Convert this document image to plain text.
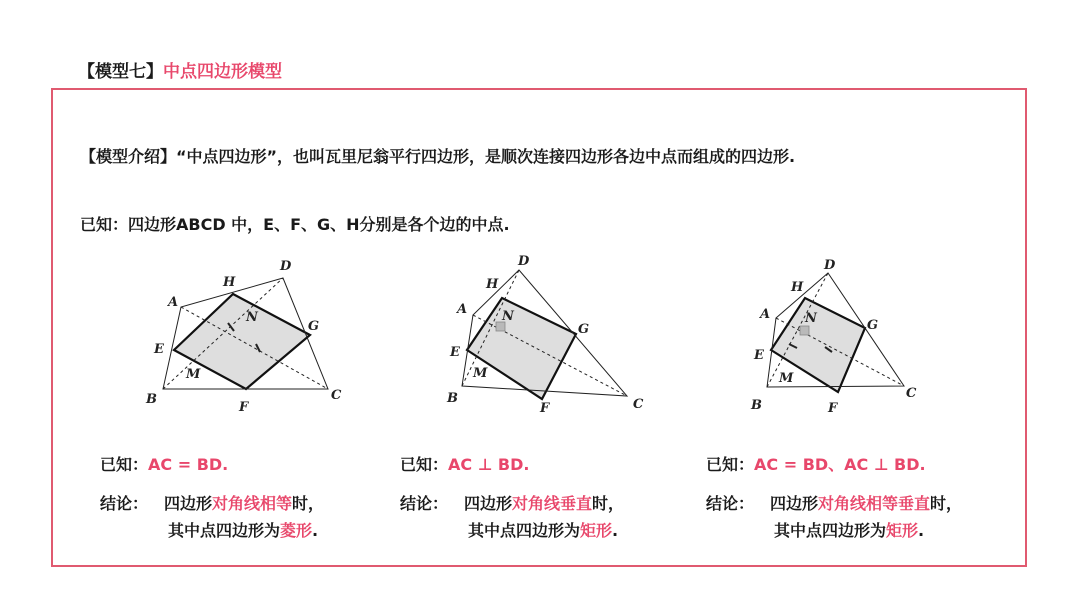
【模型七】中点四边形模型
【模型介绍】“中点四边形”，也叫瓦里尼翁平行四边形，是顺次连接四边形各边中点而组成的四边形.
已知：四边形ABCD 中，E、F、G、H分别是各个边的中点.
A
B	C
D
E
F
G
H
M
N
A
B	C
D
E
F
G
H
M
N	A
B
C
D
E
F
G
H
M
N
已知：AC = BD.
结论： 四边形对角线相等时，
其中点四边形为菱形.
已知：AC ⊥ BD.
结论： 四边形对角线垂直时，
其中点四边形为矩形.
已知：AC = BD、AC ⊥ BD.
结论： 四边形对角线相等垂直时，
其中点四边形为矩形.
